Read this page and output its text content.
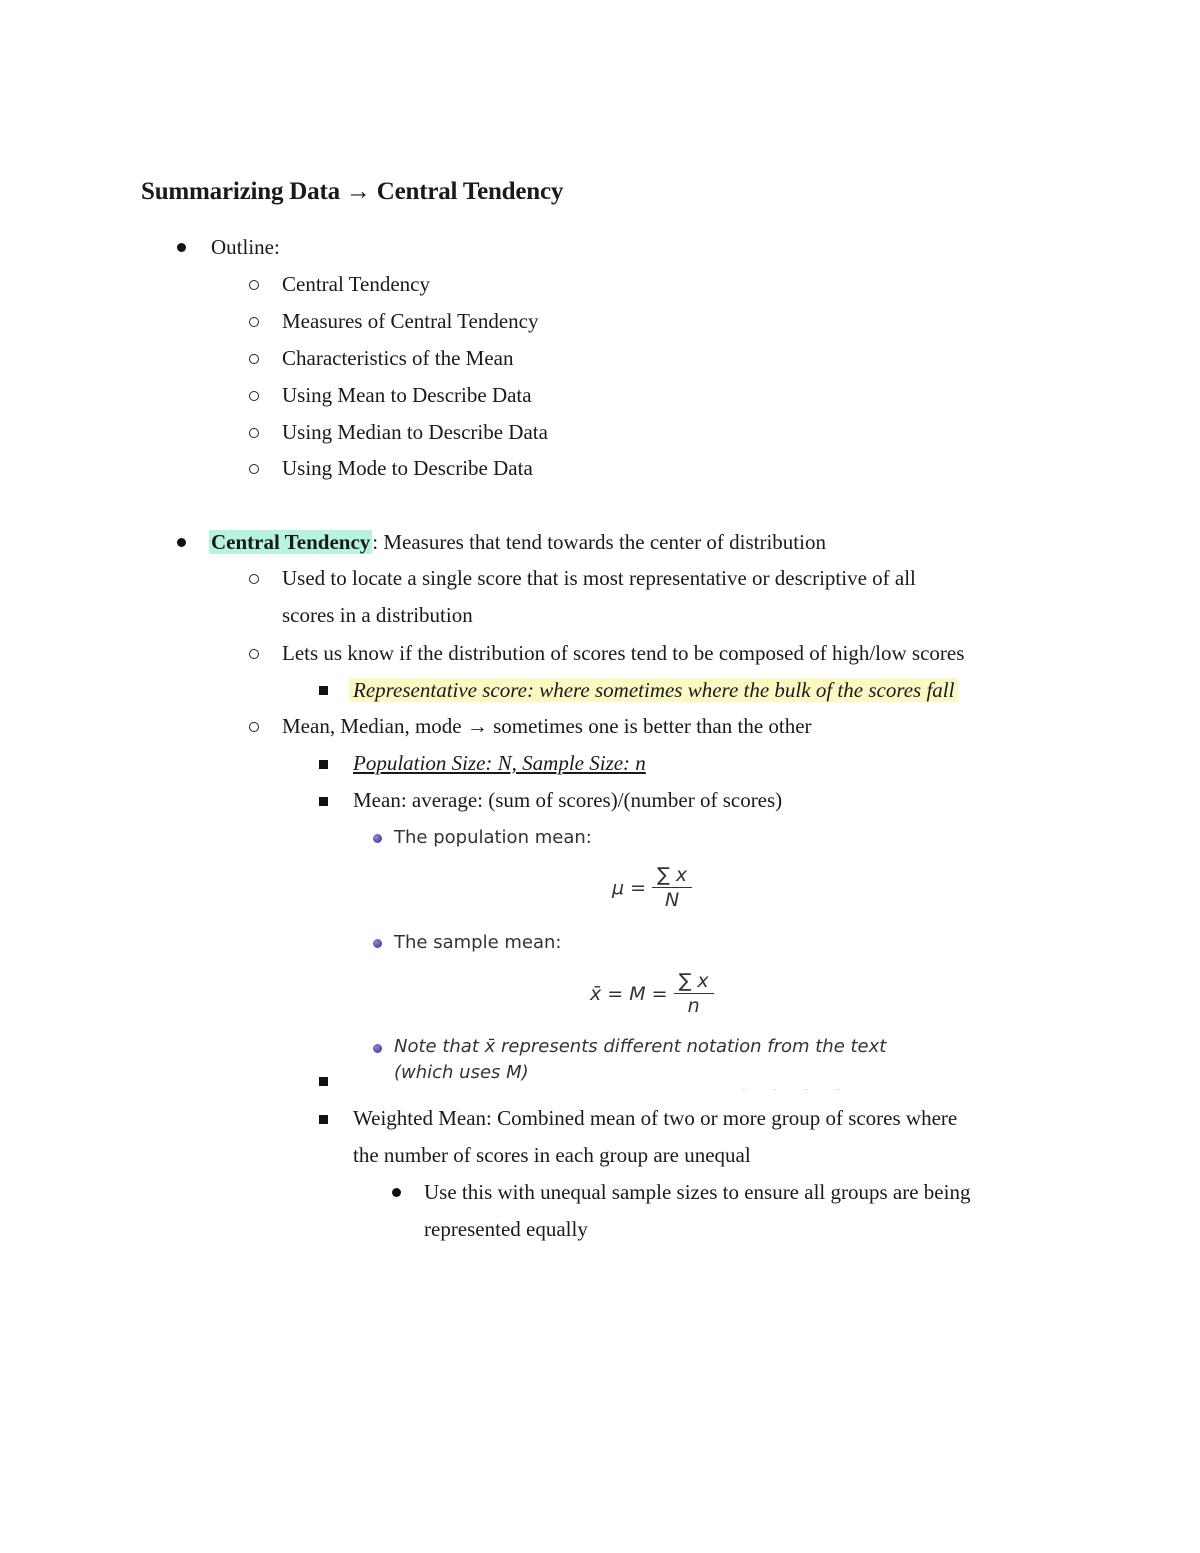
Summarizing Data → Central Tendency
Outline:
Central Tendency
Measures of Central Tendency
Characteristics of the Mean
Using Mean to Describe Data
Using Median to Describe Data
Using Mode to Describe Data
Central Tendency: Measures that tend towards the center of distribution
Used to locate a single score that is most representative or descriptive of all
scores in a distribution
Lets us know if the distribution of scores tend to be composed of high/low scores
Representative score: where sometimes where the bulk of the scores fall
Mean, Median, mode → sometimes one is better than the other
Population Size: N, Sample Size: n
Mean: average: (sum of scores)/(number of scores)
The population mean:
$\mu = \frac{\sum x}{N}$
The sample mean:
x̄ = $M = \frac{\sum x}{n}$
Note that x̄ represents different notation from the text
(which uses M)
----
Weighted Mean: Combined mean of two or more group of scores where
the number of scores in each group are unequal
Use this with unequal sample sizes to ensure all groups are being
represented equally
